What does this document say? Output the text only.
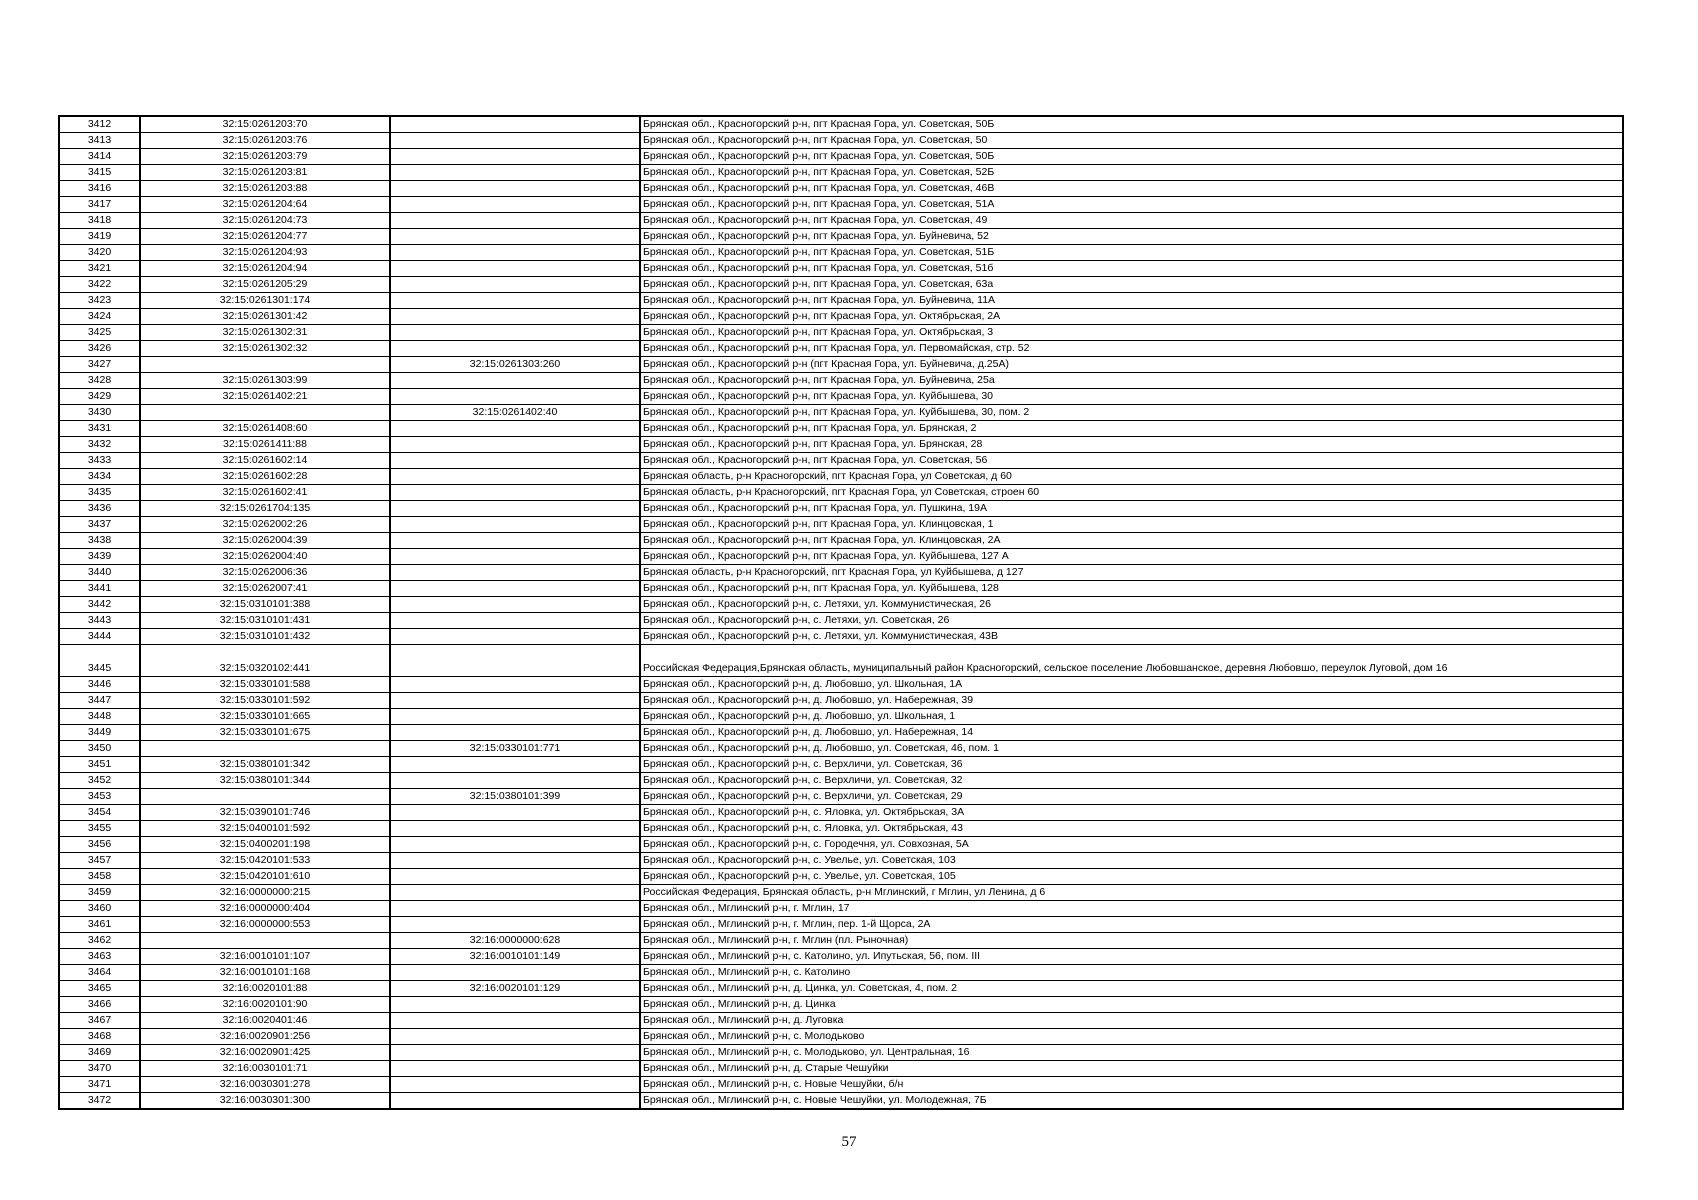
3412	32:15:0261203:70		Брянская обл., Красногорский р-н, пгт Красная Гора, ул. Советская, 50Б
3413	32:15:0261203:76		Брянская обл., Красногорский р-н, пгт Красная Гора, ул. Советская, 50
3414	32:15:0261203:79		Брянская обл., Красногорский р-н, пгт Красная Гора, ул. Советская, 50Б
3415	32:15:0261203:81		Брянская обл., Красногорский р-н, пгт Красная Гора, ул. Советская, 52Б
3416	32:15:0261203:88		Брянская обл., Красногорский р-н, пгт Красная Гора, ул. Советская, 46В
3417	32:15:0261204:64		Брянская обл., Красногорский р-н, пгт Красная Гора, ул. Советская, 51А
3418	32:15:0261204:73		Брянская обл., Красногорский р-н, пгт Красная Гора, ул. Советская, 49
3419	32:15:0261204:77		Брянская обл., Красногорский р-н, пгт Красная Гора, ул. Буйневича, 52
3420	32:15:0261204:93		Брянская обл., Красногорский р-н, пгт Красная Гора, ул. Советская, 51Б
3421	32:15:0261204:94		Брянская обл., Красногорский р-н, пгт Красная Гора, ул. Советская, 51б
3422	32:15:0261205:29		Брянская обл., Красногорский р-н, пгт Красная Гора, ул. Советская, 63а
3423	32:15:0261301:174		Брянская обл., Красногорский р-н, пгт Красная Гора, ул. Буйневича, 11А
3424	32:15:0261301:42		Брянская обл., Красногорский р-н, пгт Красная Гора, ул. Октябрьская, 2А
3425	32:15:0261302:31		Брянская обл., Красногорский р-н, пгт Красная Гора, ул. Октябрьская, 3
3426	32:15:0261302:32		Брянская обл., Красногорский р-н, пгт Красная Гора, ул. Первомайская, стр. 52
3427		32:15:0261303:260	Брянская обл., Красногорский р-н (пгт Красная Гора, ул. Буйневича, д.25А)
3428	32:15:0261303:99		Брянская обл., Красногорский р-н, пгт Красная Гора, ул. Буйневича, 25а
3429	32:15:0261402:21		Брянская обл., Красногорский р-н, пгт Красная Гора, ул. Куйбышева, 30
3430		32:15:0261402:40	Брянская обл., Красногорский р-н, пгт Красная Гора, ул. Куйбышева, 30, пом. 2
3431	32:15:0261408:60		Брянская обл., Красногорский р-н, пгт Красная Гора, ул. Брянская, 2
3432	32:15:0261411:88		Брянская обл., Красногорский р-н, пгт Красная Гора, ул. Брянская, 28
3433	32:15:0261602:14		Брянская обл., Красногорский р-н, пгт Красная Гора, ул. Советская, 56
3434	32:15:0261602:28		Брянская область, р-н Красногорский, пгт Красная Гора, ул Советская, д 60
3435	32:15:0261602:41		Брянская область, р-н Красногорский, пгт Красная Гора, ул Советская, строен 60
3436	32:15:0261704:135		Брянская обл., Красногорский р-н, пгт Красная Гора, ул. Пушкина, 19А
3437	32:15:0262002:26		Брянская обл., Красногорский р-н, пгт Красная Гора, ул. Клинцовская, 1
3438	32:15:0262004:39		Брянская обл., Красногорский р-н, пгт Красная Гора, ул. Клинцовская, 2А
3439	32:15:0262004:40		Брянская обл., Красногорский р-н, пгт Красная Гора, ул. Куйбышева, 127 А
3440	32:15:0262006:36		Брянская область, р-н Красногорский, пгт Красная Гора, ул Куйбышева, д 127
3441	32:15:0262007:41		Брянская обл., Красногорский р-н, пгт Красная Гора, ул. Куйбышева, 128
3442	32:15:0310101:388		Брянская обл., Красногорский р-н, с. Летяхи, ул. Коммунистическая, 26
3443	32:15:0310101:431		Брянская обл., Красногорский р-н, с. Летяхи, ул. Советская, 26
3444	32:15:0310101:432		Брянская обл., Красногорский р-н, с. Летяхи, ул. Коммунистическая, 43В
3445	32:15:0320102:441		Российская Федерация,Брянская область, муниципальный район Красногорский, сельское поселение Любовшанское, деревня Любовшо, переулок Луговой, дом 16
3446	32:15:0330101:588		Брянская обл., Красногорский р-н, д. Любовшо, ул. Школьная, 1А
3447	32:15:0330101:592		Брянская обл., Красногорский р-н, д. Любовшо, ул. Набережная, 39
3448	32:15:0330101:665		Брянская обл., Красногорский р-н, д. Любовшо, ул. Школьная, 1
3449	32:15:0330101:675		Брянская обл., Красногорский р-н, д. Любовшо, ул. Набережная, 14
3450		32:15:0330101:771	Брянская обл., Красногорский р-н, д. Любовшо, ул. Советская, 46, пом. 1
3451	32:15:0380101:342		Брянская обл., Красногорский р-н, с. Верхличи, ул. Советская, 36
3452	32:15:0380101:344		Брянская обл., Красногорский р-н, с. Верхличи, ул. Советская, 32
3453		32:15:0380101:399	Брянская обл., Красногорский р-н, с. Верхличи, ул. Советская, 29
3454	32:15:0390101:746		Брянская обл., Красногорский р-н, с. Яловка, ул. Октябрьская, 3А
3455	32:15:0400101:592		Брянская обл., Красногорский р-н, с. Яловка, ул. Октябрьская, 43
3456	32:15:0400201:198		Брянская обл., Красногорский р-н, с. Городечня, ул. Совхозная, 5А
3457	32:15:0420101:533		Брянская обл., Красногорский р-н, с. Увелье, ул. Советская, 103
3458	32:15:0420101:610		Брянская обл., Красногорский р-н, с. Увелье, ул. Советская, 105
3459	32:16:0000000:215		Российская Федерация, Брянская область, р-н Мглинский, г Мглин, ул Ленина, д 6
3460	32:16:0000000:404		Брянская обл., Мглинский р-н, г. Мглин, 17
3461	32:16:0000000:553		Брянская обл., Мглинский р-н, г. Мглин, пер. 1-й Щорса, 2А
3462		32:16:0000000:628	Брянская обл., Мглинский р-н, г. Мглин (пл. Рыночная)
3463	32:16:0010101:107	32:16:0010101:149	Брянская обл., Мглинский р-н, с. Католино, ул. Ипутьская, 56, пом. III
3464	32:16:0010101:168		Брянская обл., Мглинский р-н, с. Католино
3465	32:16:0020101:88	32:16:0020101:129	Брянская обл., Мглинский р-н, д. Цинка, ул. Советская, 4, пом. 2
3466	32:16:0020101:90		Брянская обл., Мглинский р-н, д. Цинка
3467	32:16:0020401:46		Брянская обл., Мглинский р-н, д. Луговка
3468	32:16:0020901:256		Брянская обл., Мглинский р-н, с. Молодьково
3469	32:16:0020901:425		Брянская обл., Мглинский р-н, с. Молодьково, ул. Центральная, 16
3470	32:16:0030101:71		Брянская обл., Мглинский р-н, д. Старые Чешуйки
3471	32:16:0030301:278		Брянская обл., Мглинский р-н, с. Новые Чешуйки, б/н
3472	32:16:0030301:300		Брянская обл., Мглинский р-н, с. Новые Чешуйки, ул. Молодежная, 7Б
57
